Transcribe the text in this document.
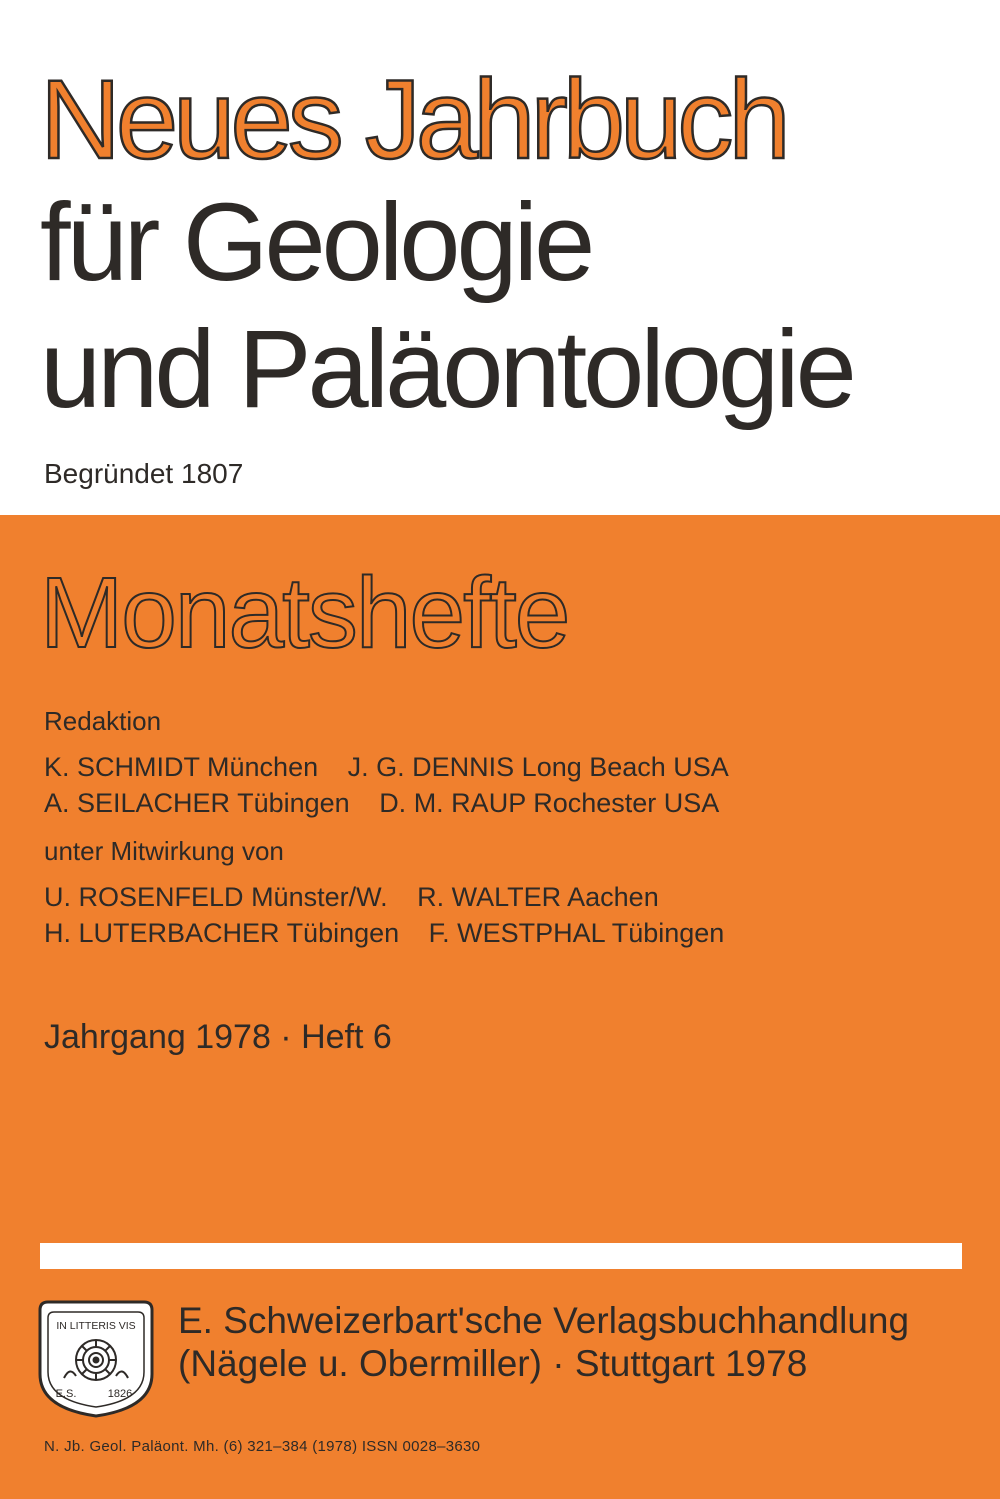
Neues Jahrbuch
für Geologie
und Paläontologie
Begründet 1807
Monatshefte
Redaktion
K. SCHMIDT München J. G. DENNIS Long Beach USA
A. SEILACHER Tübingen D. M. RAUP Rochester USA
unter Mitwirkung von
U. ROSENFELD Münster/W. R. WALTER Aachen
H. LUTERBACHER Tübingen F. WESTPHAL Tübingen
Jahrgang 1978 · Heft 6
IN LITTERIS VIS
E.S.	1826
E. Schweizerbart'sche Verlagsbuchhandlung
(Nägele u. Obermiller) · Stuttgart 1978
N. Jb. Geol. Paläont. Mh. (6) 321–384 (1978) ISSN 0028–3630
